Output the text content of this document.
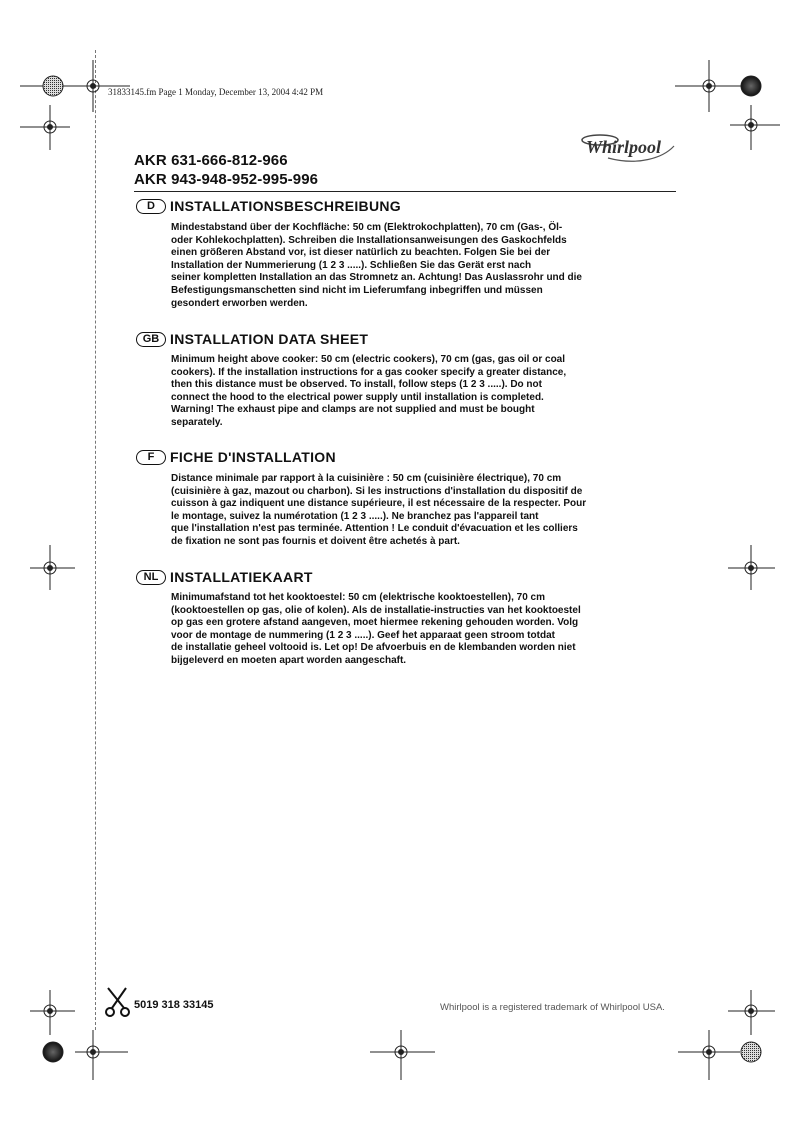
31833145.fm Page 1 Monday, December 13, 2004 4:42 PM
Whirlpool
AKR 631-666-812-966
AKR 943-948-952-995-996
D	INSTALLATIONSBESCHREIBUNG

Mindestabstand über der Kochfläche: 50 cm (Elektrokochplatten), 70 cm (Gas-, Öl-

oder Kohlekochplatten). Schreiben die Installationsanweisungen des Gaskochfelds

einen größeren Abstand vor, ist dieser natürlich zu beachten. Folgen Sie bei der

Installation der Nummerierung (1 2 3 .....). Schließen Sie das Gerät erst nach

seiner kompletten Installation an das Stromnetz an. Achtung! Das Auslassrohr und die

Befestigungsmanschetten sind nicht im Lieferumfang inbegriffen und müssen

gesondert erworben werden.

GB INSTALLATION DATA SHEET

Minimum height above cooker: 50 cm (electric cookers), 70 cm (gas, gas oil or coal

cookers). If the installation instructions for a gas cooker specify a greater distance,

then this distance must be observed. To install, follow steps (1 2 3 .....). Do not

connect the hood to the electrical power supply until installation is completed.

Warning! The exhaust pipe and clamps are not supplied and must be bought

separately.

F	FICHE D'INSTALLATION

Distance minimale par rapport à la cuisinière : 50 cm (cuisinière électrique), 70 cm

(cuisinière à gaz, mazout ou charbon). Si les instructions d'installation du dispositif de

cuisson à gaz indiquent une distance supérieure, il est nécessaire de la respecter. Pour

le montage, suivez la numérotation (1 2 3 .....). Ne branchez pas l'appareil tant

que l'installation n'est pas terminée. Attention ! Le conduit d'évacuation et les colliers

de fixation ne sont pas fournis et doivent être achetés à part.

NL INSTALLATIEKAART

Minimumafstand tot het kooktoestel: 50 cm (elektrische kooktoestellen), 70 cm

(kooktoestellen op gas, olie of kolen). Als de installatie-instructies van het kooktoestel

op gas een grotere afstand aangeven, moet hiermee rekening gehouden worden. Volg

voor de montage de nummering (1 2 3 .....). Geef het apparaat geen stroom totdat

de installatie geheel voltooid is. Let op! De afvoerbuis en de klembanden worden niet

bijgeleverd en moeten apart worden aangeschaft.

5019 318 33145	Whirlpool is a registered trademark of Whirlpool USA.
